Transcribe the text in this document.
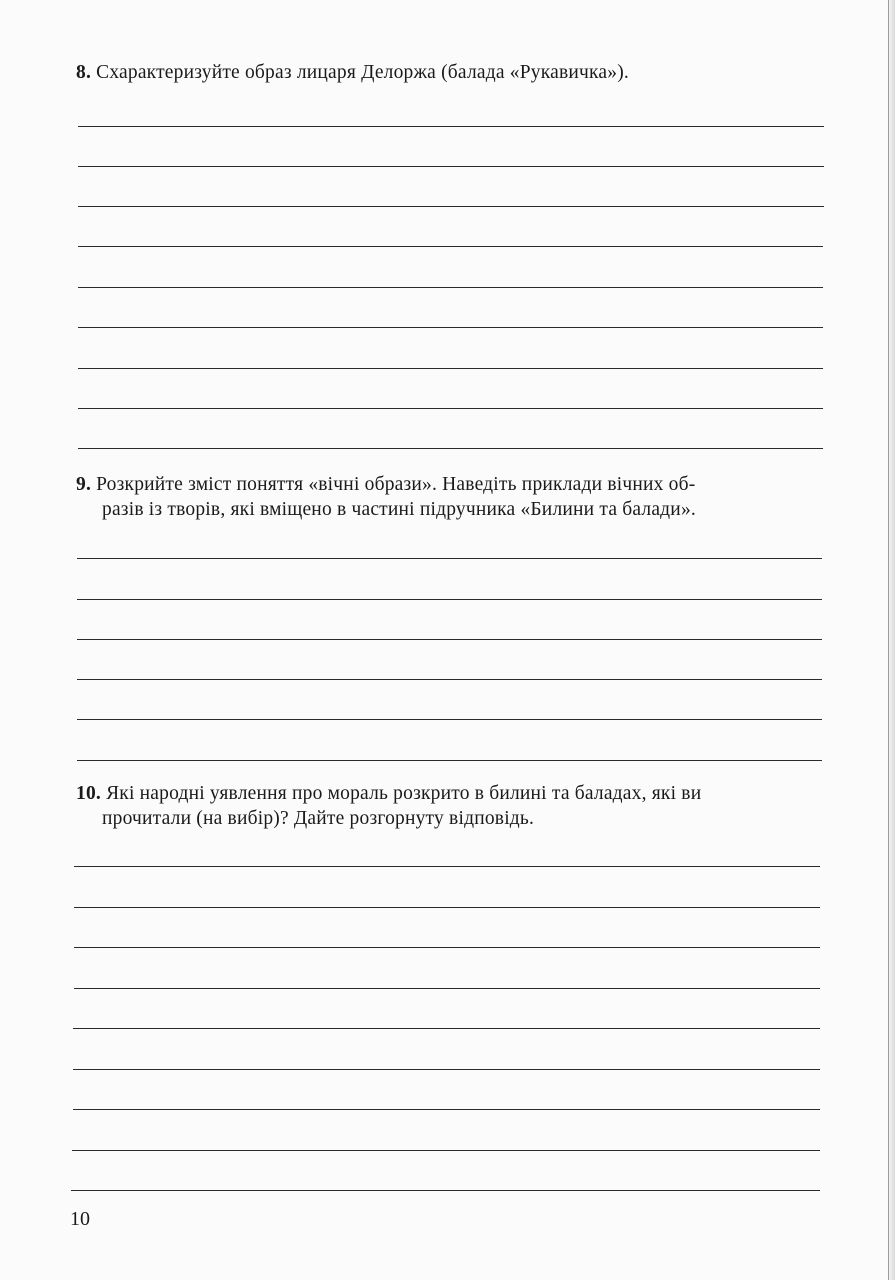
8. Схарактеризуйте образ лицаря Делоржа (балада «Рукавичка»).
9. Розкрийте зміст поняття «вічні образи». Наведіть приклади вічних об-
разів із творів, які вміщено в частині підручника «Билини та балади».
10. Які народні уявлення про мораль розкрито в билині та баладах, які ви
прочитали (на вибір)? Дайте розгорнуту відповідь.
10
